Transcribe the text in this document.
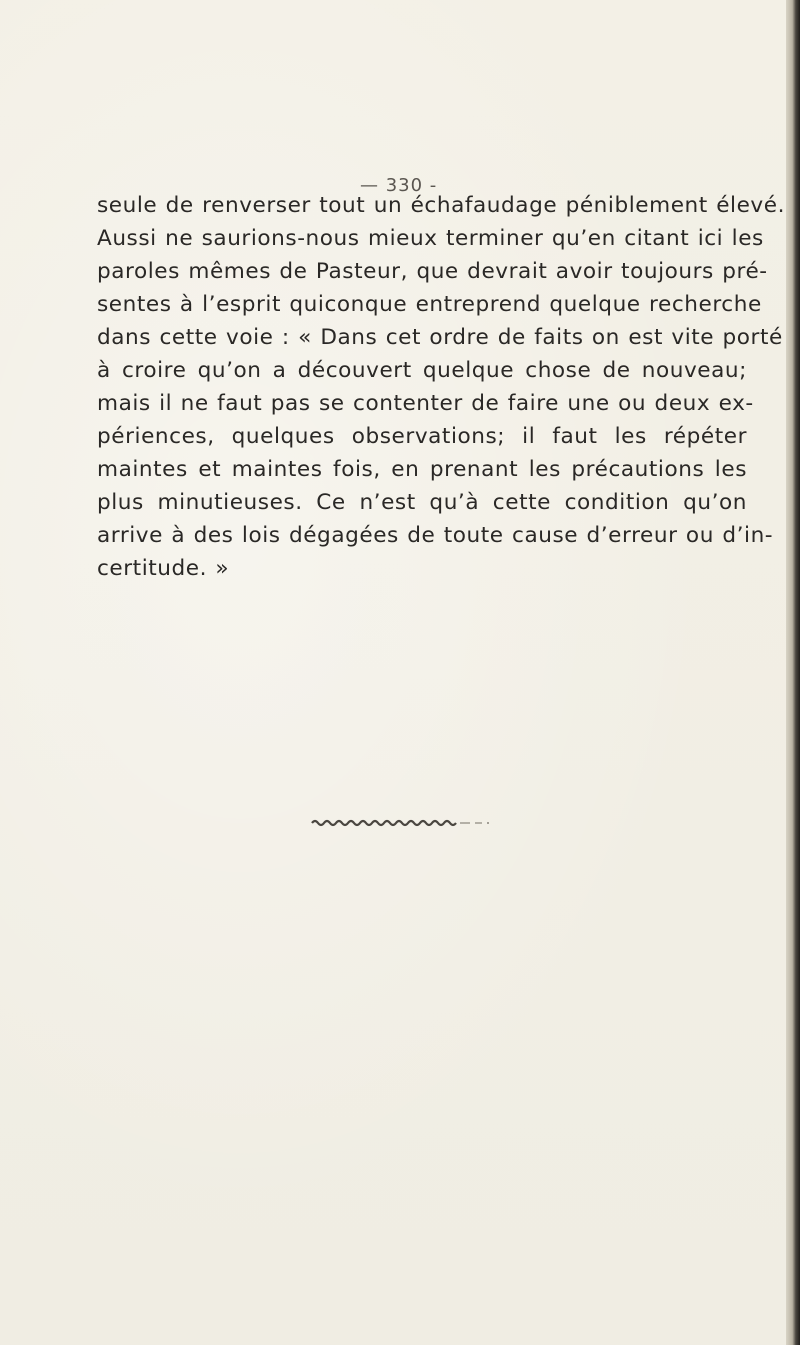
— 330 -
seule de renverser tout un échafaudage péniblement élevé.
Aussi ne saurions-nous mieux terminer qu’en citant ici les
paroles mêmes de Pasteur, que devrait avoir toujours pré-
sentes à l’esprit quiconque entreprend quelque recherche
dans cette voie : « Dans cet ordre de faits on est vite porté
à croire qu’on a découvert quelque chose de nouveau;
mais il ne faut pas se contenter de faire une ou deux ex-
périences, quelques observations; il faut les répéter
maintes et maintes fois, en prenant les précautions les
plus minutieuses. Ce n’est qu’à cette condition qu’on
arrive à des lois dégagées de toute cause d’erreur ou d’in-
certitude. »
